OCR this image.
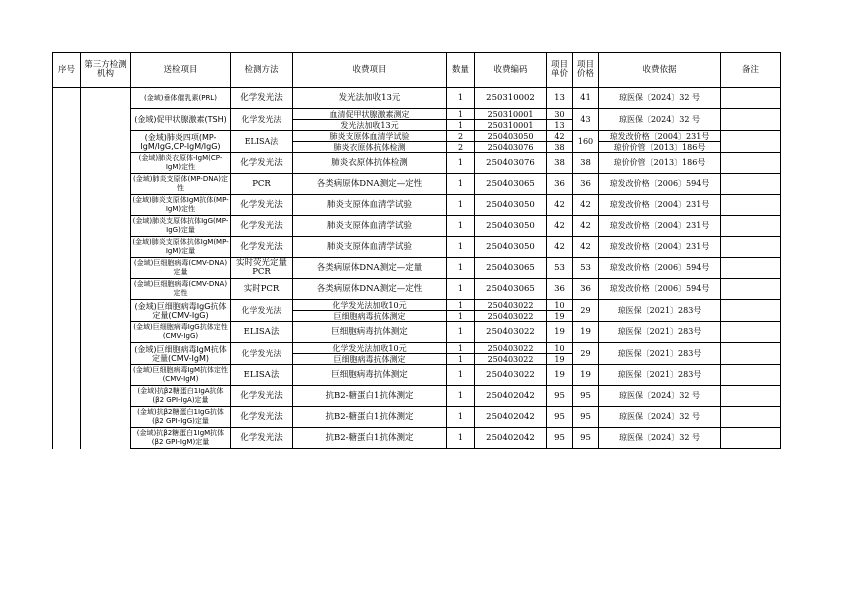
序号	第三方检测机构	送检项目	检测方法	收费项目	数量	收费编码	项目单价	项目价格	收费依据	备注
		(金域)垂体催乳素(PRL)	化学发光法	发光法加收13元	1	250310002	13	41	琼医保〔2024〕32 号	
		(金域)促甲状腺激素(TSH)	化学发光法	血清促甲状腺激素测定	1	250310001	30	43	琼医保〔2024〕32 号	
				发光法加收13元	1	250310001	13			
		(金域)肺炎四项(MP-IgM/IgG,CP-IgM/IgG)	ELISA法	肺炎支原体血清学试验	2	250403050	42	160	琼发改价格〔2004〕231号	
				肺炎衣原体抗体检测	2	250403076	38		琼价价管〔2013〕186号	
		(金域)肺炎衣原体-IgM(CP-IgM)定性	化学发光法	肺炎衣原体抗体检测	1	250403076	38	38	琼价价管〔2013〕186号	
		(金域)肺炎支原体(MP-DNA)定性	PCR	各类病原体DNA测定—定性	1	250403065	36	36	琼发改价格〔2006〕594号	
		(金域)肺炎支原体IgM抗体(MP-IgM)定性	化学发光法	肺炎支原体血清学试验	1	250403050	42	42	琼发改价格〔2004〕231号	
		(金域)肺炎支原体抗体IgG(MP-IgG)定量	化学发光法	肺炎支原体血清学试验	1	250403050	42	42	琼发改价格〔2004〕231号	
		(金域)肺炎支原体抗体IgM(MP-IgM)定量	化学发光法	肺炎支原体血清学试验	1	250403050	42	42	琼发改价格〔2004〕231号	
		(金域)巨细胞病毒(CMV-DNA)定量	实时荧光定量PCR	各类病原体DNA测定—定量	1	250403065	53	53	琼发改价格〔2006〕594号	
		(金域)巨细胞病毒(CMV-DNA)定性	实时PCR	各类病原体DNA测定—定性	1	250403065	36	36	琼发改价格〔2006〕594号	
		(金域)巨细胞病毒IgG抗体定量(CMV-IgG)	化学发光法	化学发光法加收10元	1	250403022	10	29	琼医保〔2021〕283号	
				巨细胞病毒抗体测定	1	250403022	19			
		(金域)巨细胞病毒IgG抗体定性(CMV-IgG)	ELISA法	巨细胞病毒抗体测定	1	250403022	19	19	琼医保〔2021〕283号	
		(金域)巨细胞病毒IgM抗体定量(CMV-IgM)	化学发光法	化学发光法加收10元	1	250403022	10	29	琼医保〔2021〕283号	
				巨细胞病毒抗体测定	1	250403022	19			
		(金域)巨细胞病毒IgM抗体定性(CMV-IgM)	ELISA法	巨细胞病毒抗体测定	1	250403022	19	19	琼医保〔2021〕283号	
		(金域)抗β2糖蛋白1IgA抗体(β2 GPI-IgA)定量	化学发光法	抗B2-糖蛋白1抗体测定	1	250402042	95	95	琼医保〔2024〕32 号	
		(金域)抗β2糖蛋白1IgG抗体(β2 GPI-IgG)定量	化学发光法	抗B2-糖蛋白1抗体测定	1	250402042	95	95	琼医保〔2024〕32 号	
		(金域)抗β2糖蛋白1IgM抗体(β2 GPI-IgM)定量	化学发光法	抗B2-糖蛋白1抗体测定	1	250402042	95	95	琼医保〔2024〕32 号	
